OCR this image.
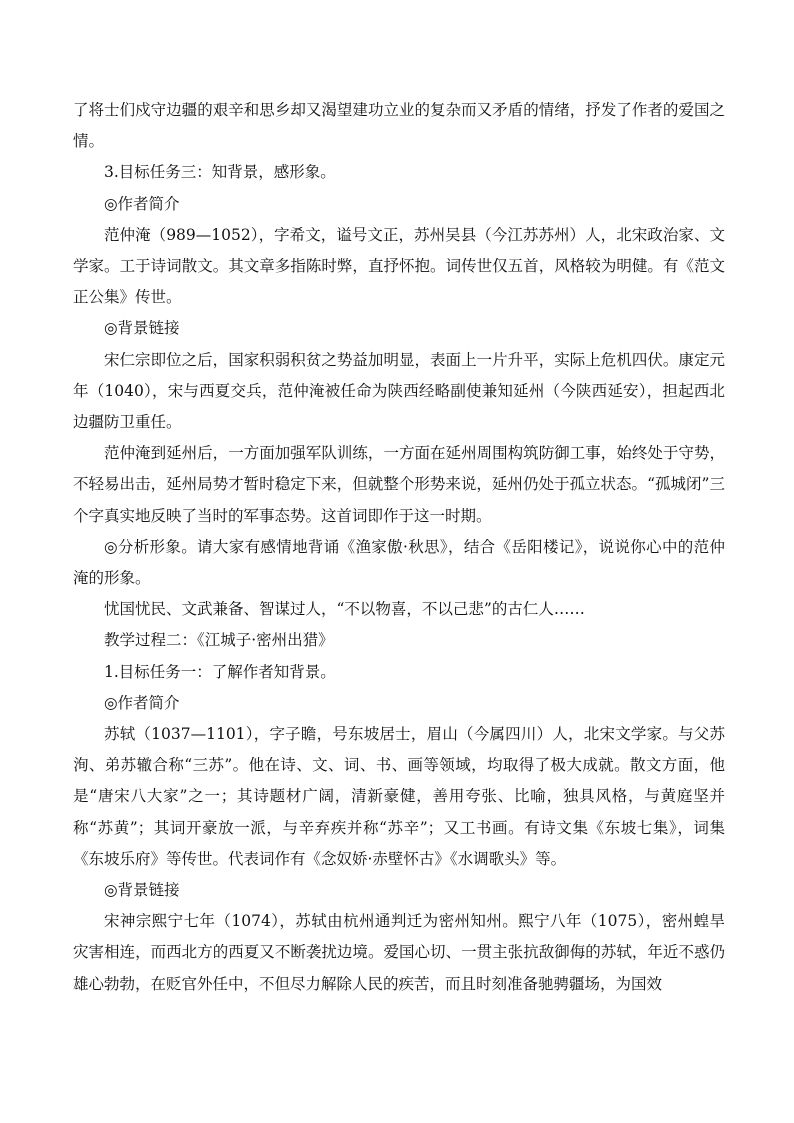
了将士们戍守边疆的艰辛和思乡却又渴望建功立业的复杂而又矛盾的情绪，抒发了作者的爱国之情。

3.目标任务三：知背景，感形象。

◎作者简介

范仲淹（989—1052），字希文，谥号文正，苏州吴县（今江苏苏州）人，北宋政治家、文学家。工于诗词散文。其文章多指陈时弊，直抒怀抱。词传世仅五首，风格较为明健。有《范文正公集》传世。

◎背景链接

宋仁宗即位之后，国家积弱积贫之势益加明显，表面上一片升平，实际上危机四伏。康定元年（1040），宋与西夏交兵，范仲淹被任命为陕西经略副使兼知延州（今陕西延安），担起西北边疆防卫重任。

范仲淹到延州后，一方面加强军队训练，一方面在延州周围构筑防御工事，始终处于守势，不轻易出击，延州局势才暂时稳定下来，但就整个形势来说，延州仍处于孤立状态。“孤城闭”三个字真实地反映了当时的军事态势。这首词即作于这一时期。

◎分析形象。请大家有感情地背诵《渔家傲·秋思》，结合《岳阳楼记》，说说你心中的范仲淹的形象。

忧国忧民、文武兼备、智谋过人，“不以物喜，不以己悲”的古仁人……

教学过程二：《江城子·密州出猎》

1.目标任务一：了解作者知背景。

◎作者简介

苏轼（1037—1101），字子瞻，号东坡居士，眉山（今属四川）人，北宋文学家。与父苏洵、弟苏辙合称“三苏”。他在诗、文、词、书、画等领域，均取得了极大成就。散文方面，他是“唐宋八大家”之一；其诗题材广阔，清新豪健，善用夸张、比喻，独具风格，与黄庭坚并称“苏黄”；其词开豪放一派，与辛弃疾并称“苏辛”；又工书画。有诗文集《东坡七集》，词集《东坡乐府》等传世。代表词作有《念奴娇·赤壁怀古》《水调歌头》等。

◎背景链接

宋神宗熙宁七年（1074），苏轼由杭州通判迁为密州知州。熙宁八年（1075），密州蝗旱灾害相连，而西北方的西夏又不断袭扰边境。爱国心切、一贯主张抗敌御侮的苏轼，年近不惑仍雄心勃勃，在贬官外任中，不但尽力解除人民的疾苦，而且时刻准备驰骋疆场，为国效
